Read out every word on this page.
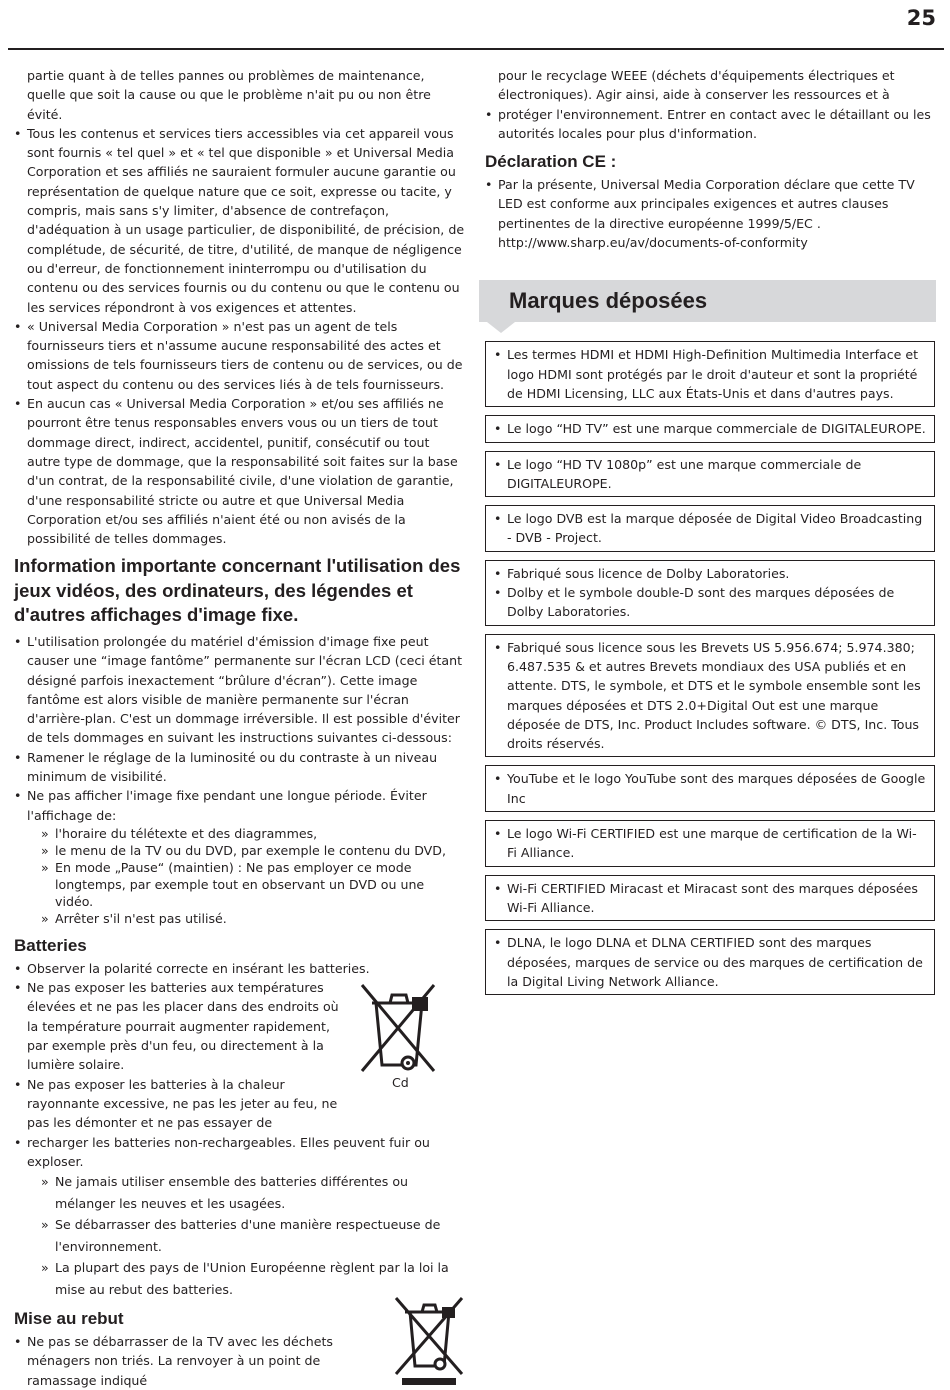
25

partie quant à de telles pannes ou problèmes de maintenance, quelle que soit la cause ou que le problème n'ait pu ou non être évité.

• Tous les contenus et services tiers accessibles via cet appareil vous sont fournis « tel quel » et « tel que disponible » et Universal Media Corporation et ses affiliés ne sauraient formuler aucune garantie ou représentation de quelque nature que ce soit, expresse ou tacite, y compris, mais sans s'y limiter, d'absence de contrefaçon, d'adéquation à un usage particulier, de disponibilité, de précision, de complétude, de sécurité, de titre, d'utilité, de manque de négligence ou d'erreur, de fonctionnement ininterrompu ou d'utilisation du contenu ou des services fournis ou du contenu ou que le contenu ou les services répondront à vos exigences et attentes.
• « Universal Media Corporation » n'est pas un agent de tels fournisseurs tiers et n'assume aucune responsabilité des actes et omissions de tels fournisseurs tiers de contenu ou de services, ou de tout aspect du contenu ou des services liés à de tels fournisseurs.
• En aucun cas « Universal Media Corporation » et/ou ses affiliés ne pourront être tenus responsables envers vous ou un tiers de tout dommage direct, indirect, accidentel, punitif, consécutif ou tout autre type de dommage, que la responsabilité soit faites sur la base d'un contrat, de la responsabilité civile, d'une violation de garantie, d'une responsabilité stricte ou autre et que Universal Media Corporation et/ou ses affiliés n'aient été ou non avisés de la possibilité de telles dommages.
Information importante concernant l'utilisation des jeux vidéos, des ordinateurs, des légendes et d'autres affichages d'image fixe.
• L'utilisation prolongée du matériel d'émission d'image fixe peut causer une “image fantôme” permanente sur l'écran LCD (ceci étant désigné parfois inexactement “brûlure d'écran”). Cette image fantôme est alors visible de manière permanente sur l'écran d'arrière-plan. C'est un dommage irréversible. Il est possible d'éviter de tels dommages en suivant les instructions suivantes ci-dessous:
• Ramener le réglage de la luminosité ou du contraste à un niveau minimum de visibilité.
• Ne pas afficher l'image fixe pendant une longue période. Éviter l'affichage de:
» l'horaire du télétexte et des diagrammes,
» le menu de la TV ou du DVD, par exemple le contenu du DVD,
» En mode „Pause“ (maintien) : Ne pas employer ce mode longtemps, par exemple tout en observant un DVD ou une vidéo.
» Arrêter s'il n'est pas utilisé.
Batteries
• Observer la polarité correcte en insérant les batteries.
• Ne pas exposer les batteries aux températures élevées et ne pas les placer dans des endroits où la température pourrait augmenter rapidement, par exemple près d'un feu, ou directement à la lumière solaire.
• Ne pas exposer les batteries à la chaleur rayonnante excessive, ne pas les jeter au feu, ne pas les démonter et ne pas essayer de
• recharger les batteries non-rechargeables. Elles peuvent fuir ou exploser.
» Ne jamais utiliser ensemble des batteries différentes ou mélanger les neuves et les usagées.
» Se débarrasser des batteries d'une manière respectueuse de l'environnement.
» La plupart des pays de l'Union Européenne règlent par la loi la mise au rebut des batteries.
Cd
Mise au rebut
• Ne pas se débarrasser de la TV avec les déchets ménagers non triés. La renvoyer à un point de ramassage indiqué

pour le recyclage WEEE (déchets d'équipements électriques et électroniques). Agir ainsi, aide à conserver les ressources et à

• protéger l'environnement. Entrer en contact avec le détaillant ou les autorités locales pour plus d'information.
Déclaration CE :
• Par la présente, Universal Media Corporation déclare que cette TV LED est conforme aux principales exigences et autres clauses pertinentes de la directive européenne 1999/5/EC . http://www.sharp.eu/av/documents-of-conformity
Marques déposées
• Les termes HDMI et HDMI High-Definition Multimedia Interface et logo HDMI sont protégés par le droit d'auteur et sont la propriété de HDMI Licensing, LLC aux États-Unis et dans d'autres pays.
• Le logo “HD TV” est une marque commerciale de DIGITALEUROPE.
• Le logo “HD TV 1080p” est une marque commerciale de DIGITALEUROPE.
• Le logo DVB est la marque déposée de Digital Video Broadcasting - DVB - Project.
• Fabriqué sous licence de Dolby Laboratories.
• Dolby et le symbole double-D sont des marques déposées de Dolby Laboratories.
• Fabriqué sous licence sous les Brevets US 5.956.674; 5.974.380; 6.487.535 & et autres Brevets mondiaux des USA publiés et en attente. DTS, le symbole, et DTS et le symbole ensemble sont les marques déposées et DTS 2.0+Digital Out est une marque déposée de DTS, Inc. Product Includes software. © DTS, Inc. Tous droits réservés.
• YouTube et le logo YouTube sont des marques déposées de Google Inc
• Le logo Wi-Fi CERTIFIED est une marque de certification de la Wi-Fi Alliance.
• Wi-Fi CERTIFIED Miracast et Miracast sont des marques déposées Wi-Fi Alliance.
• DLNA, le logo DLNA et DLNA CERTIFIED sont des marques déposées, marques de service ou des marques de certification de la Digital Living Network Alliance.
